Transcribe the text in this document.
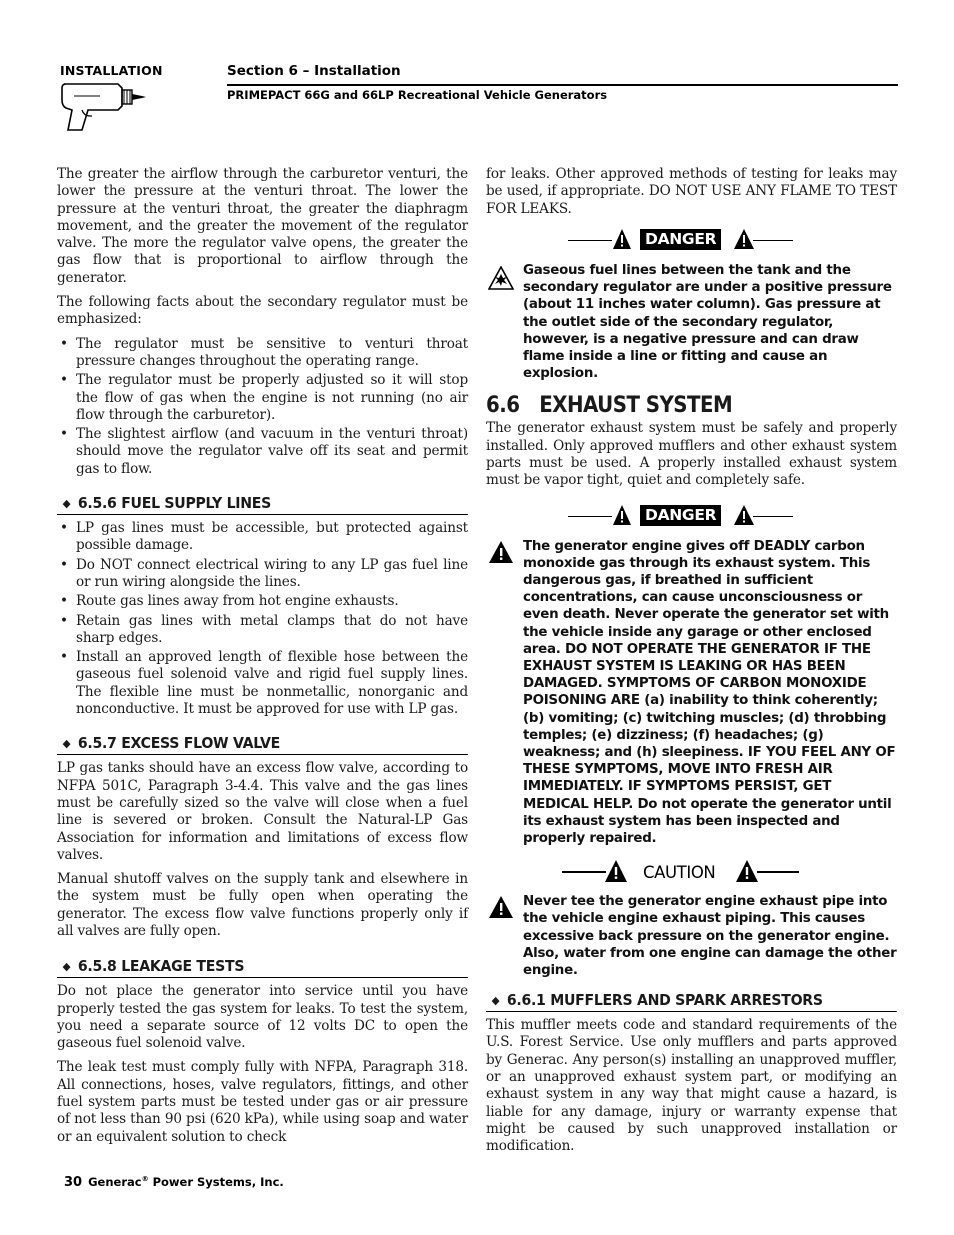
INSTALLATION	Section 6 – Installation
PRIMEPACT 66G and 66LP Recreational Vehicle Generators

The greater the airflow through the carburetor venturi, the lower the pressure at the venturi throat. The lower the pressure at the venturi throat, the greater the diaphragm movement, and the greater the movement of the regulator valve. The more the regulator valve opens, the greater the gas flow that is proportional to airflow through the generator.

The following facts about the secondary regulator must be emphasized:

• The regulator must be sensitive to venturi throat pressure changes throughout the operating range.
• The regulator must be properly adjusted so it will stop the flow of gas when the engine is not running (no air flow through the carburetor).
• The slightest airflow (and vacuum in the venturi throat) should move the regulator valve off its seat and permit gas to flow.
◆ 6.5.6 FUEL SUPPLY LINES
• LP gas lines must be accessible, but protected against possible damage.
• Do NOT connect electrical wiring to any LP gas fuel line or run wiring alongside the lines.
• Route gas lines away from hot engine exhausts.
• Retain gas lines with metal clamps that do not have sharp edges.
• Install an approved length of flexible hose between the gaseous fuel solenoid valve and rigid fuel supply lines. The flexible line must be nonmetallic, nonorganic and nonconductive. It must be approved for use with LP gas.
◆ 6.5.7 EXCESS FLOW VALVE

LP gas tanks should have an excess flow valve, according to NFPA 501C, Paragraph 3-4.4. This valve and the gas lines must be carefully sized so the valve will close when a fuel line is severed or broken. Consult the Natural-LP Gas Association for information and limitations of excess flow valves.

Manual shutoff valves on the supply tank and elsewhere in the system must be fully open when operating the generator. The excess flow valve functions properly only if all valves are fully open.

◆ 6.5.8 LEAKAGE TESTS

Do not place the generator into service until you have properly tested the gas system for leaks. To test the system, you need a separate source of 12 volts DC to open the gaseous fuel solenoid valve.

The leak test must comply fully with NFPA, Paragraph 318. All connections, hoses, valve regulators, fittings, and other fuel system parts must be tested under gas or air pressure of not less than 90 psi (620 kPa), while using soap and water or an equivalent solution to check

for leaks. Other approved methods of testing for leaks may be used, if appropriate. DO NOT USE ANY FLAME TO TEST FOR LEAKS.

DANGER

Gaseous fuel lines between the tank and the secondary regulator are under a positive pressure (about 11 inches water column). Gas pressure at the outlet side of the secondary regulator, however, is a negative pressure and can draw flame inside a line or fitting and cause an explosion.

6.6 EXHAUST SYSTEM

The generator exhaust system must be safely and properly installed. Only approved mufflers and other exhaust system parts must be used. A properly installed exhaust system must be vapor tight, quiet and completely safe.

DANGER

The generator engine gives off DEADLY carbon monoxide gas through its exhaust system. This dangerous gas, if breathed in sufficient concentrations, can cause unconsciousness or even death. Never operate the generator set with the vehicle inside any garage or other enclosed area. DO NOT OPERATE THE GENERATOR IF THE EXHAUST SYSTEM IS LEAKING OR HAS BEEN DAMAGED. SYMPTOMS OF CARBON MONOXIDE POISONING ARE (a) inability to think coherently; (b) vomiting; (c) twitching muscles; (d) throbbing temples; (e) dizziness; (f) headaches; (g) weakness; and (h) sleepiness. IF YOU FEEL ANY OF THESE SYMPTOMS, MOVE INTO FRESH AIR IMMEDIATELY. IF SYMPTOMS PERSIST, GET MEDICAL HELP. Do not operate the generator until its exhaust system has been inspected and properly repaired.

CAUTION

Never tee the generator engine exhaust pipe into the vehicle engine exhaust piping. This causes excessive back pressure on the generator engine. Also, water from one engine can damage the other engine.

◆ 6.6.1 MUFFLERS AND SPARK ARRESTORS

This muffler meets code and standard requirements of the U.S. Forest Service. Use only mufflers and parts approved by Generac. Any person(s) installing an unapproved muffler, or an unapproved exhaust system part, or modifying an exhaust system in any way that might cause a hazard, is liable for any damage, injury or warranty expense that might be caused by such unapproved installation or modification.

30 Generac® Power Systems, Inc.
